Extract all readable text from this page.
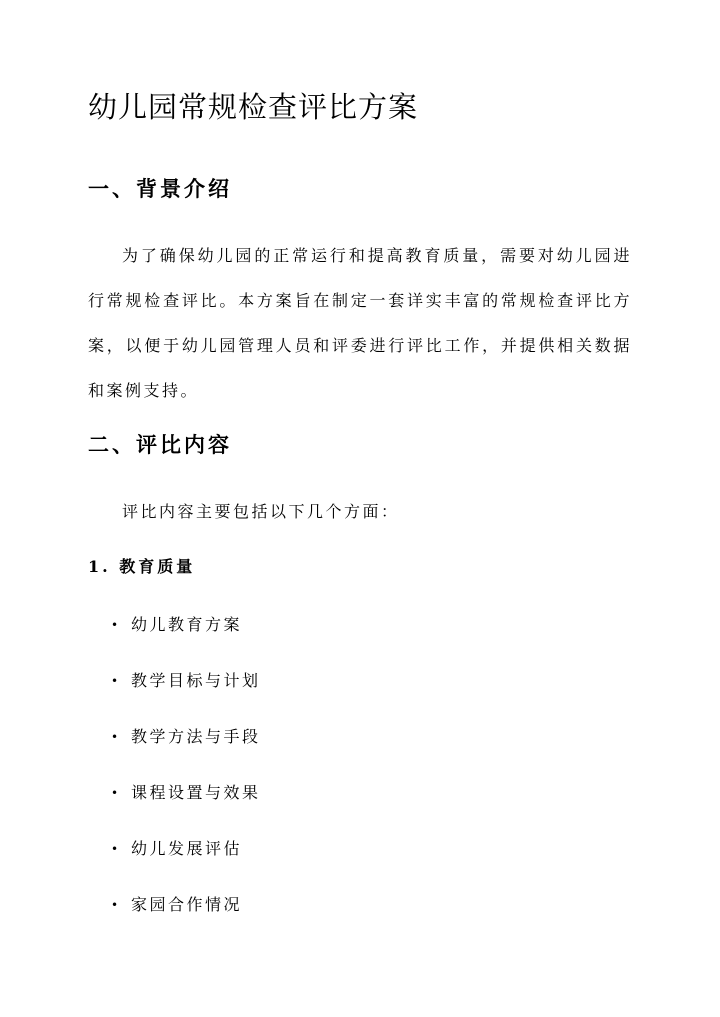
幼儿园常规检查评比方案
一、背景介绍

为了确保幼儿园的正常运行和提高教育质量，需要对幼儿园进行常规检查评比。本方案旨在制定一套详实丰富的常规检查评比方案，以便于幼儿园管理人员和评委进行评比工作，并提供相关数据和案例支持。

二、评比内容

评比内容主要包括以下几个方面：

1. 教育质量
• 幼儿教育方案
• 教学目标与计划
• 教学方法与手段
• 课程设置与效果
• 幼儿发展评估
• 家园合作情况
